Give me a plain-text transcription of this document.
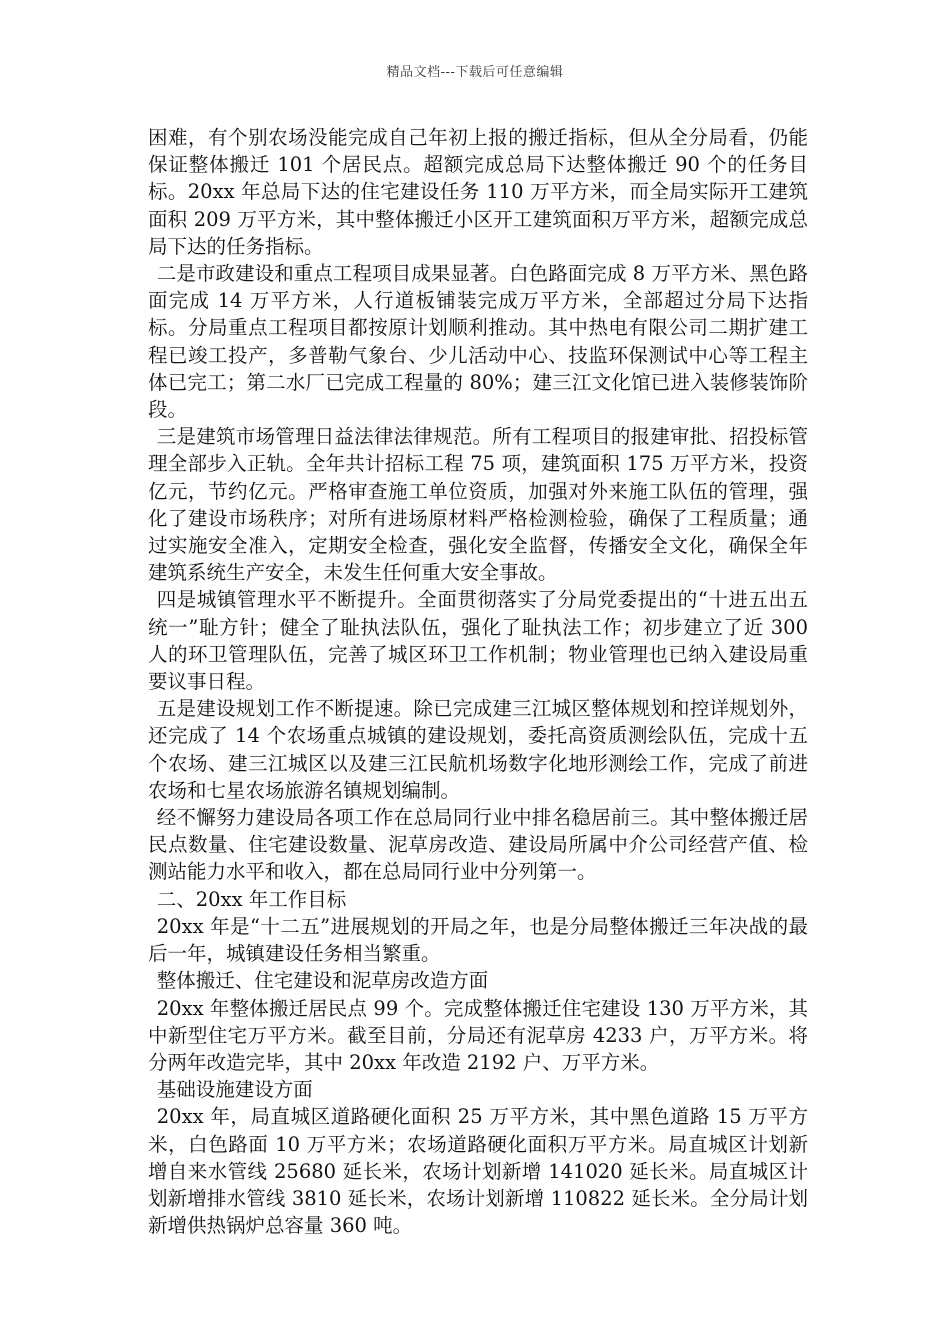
精品文档---下载后可任意编辑

困难，有个别农场没能完成自己年初上报的搬迁指标，但从全分局看，仍能保证整体搬迁 101 个居民点。超额完成总局下达整体搬迁 90 个的任务目标。20xx 年总局下达的住宅建设任务 110 万平方米，而全局实际开工建筑面积 209 万平方米，其中整体搬迁小区开工建筑面积万平方米，超额完成总局下达的任务指标。

二是市政建设和重点工程项目成果显著。白色路面完成 8 万平方米、黑色路面完成 14 万平方米，人行道板铺装完成万平方米，全部超过分局下达指标。分局重点工程项目都按原计划顺利推动。其中热电有限公司二期扩建工程已竣工投产，多普勒气象台、少儿活动中心、技监环保测试中心等工程主体已完工；第二水厂已完成工程量的 80%；建三江文化馆已进入装修装饰阶段。

三是建筑市场管理日益法律法律规范。所有工程项目的报建审批、招投标管理全部步入正轨。全年共计招标工程 75 项，建筑面积 175 万平方米，投资亿元，节约亿元。严格审查施工单位资质，加强对外来施工队伍的管理，强化了建设市场秩序；对所有进场原材料严格检测检验，确保了工程质量；通过实施安全准入，定期安全检查，强化安全监督，传播安全文化，确保全年建筑系统生产安全，未发生任何重大安全事故。

四是城镇管理水平不断提升。全面贯彻落实了分局党委提出的“十进五出五统一”耻方针；健全了耻执法队伍，强化了耻执法工作；初步建立了近 300 人的环卫管理队伍，完善了城区环卫工作机制；物业管理也已纳入建设局重要议事日程。

五是建设规划工作不断提速。除已完成建三江城区整体规划和控详规划外，还完成了 14 个农场重点城镇的建设规划，委托高资质测绘队伍，完成十五个农场、建三江城区以及建三江民航机场数字化地形测绘工作，完成了前进农场和七星农场旅游名镇规划编制。

经不懈努力建设局各项工作在总局同行业中排名稳居前三。其中整体搬迁居民点数量、住宅建设数量、泥草房改造、建设局所属中介公司经营产值、检测站能力水平和收入，都在总局同行业中分列第一。

二、20xx 年工作目标

20xx 年是“十二五”进展规划的开局之年，也是分局整体搬迁三年决战的最后一年，城镇建设任务相当繁重。

整体搬迁、住宅建设和泥草房改造方面

20xx 年整体搬迁居民点 99 个。完成整体搬迁住宅建设 130 万平方米，其中新型住宅万平方米。截至目前，分局还有泥草房 4233 户，万平方米。将分两年改造完毕，其中 20xx 年改造 2192 户、万平方米。

基础设施建设方面

20xx 年，局直城区道路硬化面积 25 万平方米，其中黑色道路 15 万平方米，白色路面 10 万平方米；农场道路硬化面积万平方米。局直城区计划新增自来水管线 25680 延长米，农场计划新增 141020 延长米。局直城区计划新增排水管线 3810 延长米，农场计划新增 110822 延长米。全分局计划新增供热锅炉总容量 360 吨。
